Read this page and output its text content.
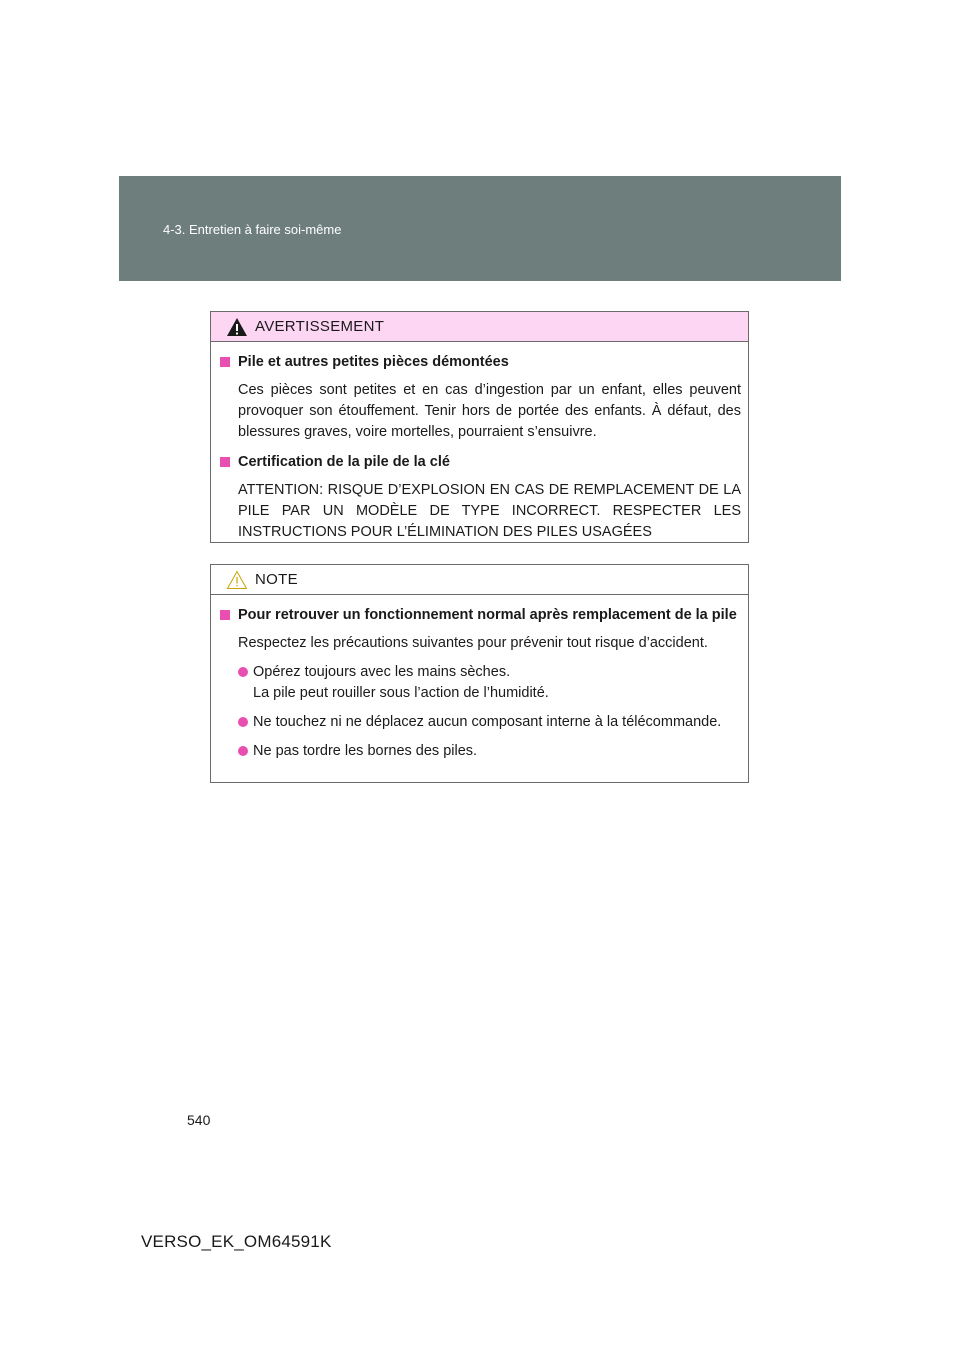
4-3. Entretien à faire soi-même
AVERTISSEMENT
Pile et autres petites pièces démontées
Ces pièces sont petites et en cas d’ingestion par un enfant, elles peuvent provoquer son étouffement. Tenir hors de portée des enfants. À défaut, des blessures graves, voire mortelles, pourraient s’ensuivre.
Certification de la pile de la clé
ATTENTION: RISQUE D’EXPLOSION EN CAS DE REMPLACEMENT DE LA PILE PAR UN MODÈLE DE TYPE INCORRECT. RESPECTER LES INSTRUCTIONS POUR L’ÉLIMINATION DES PILES USAGÉES
NOTE
Pour retrouver un fonctionnement normal après remplacement de la pile
Respectez les précautions suivantes pour prévenir tout risque d’accident.
Opérez toujours avec les mains sèches.
La pile peut rouiller sous l’action de l’humidité.
Ne touchez ni ne déplacez aucun composant interne à la télécommande.
Ne pas tordre les bornes des piles.
540
VERSO_EK_OM64591K
